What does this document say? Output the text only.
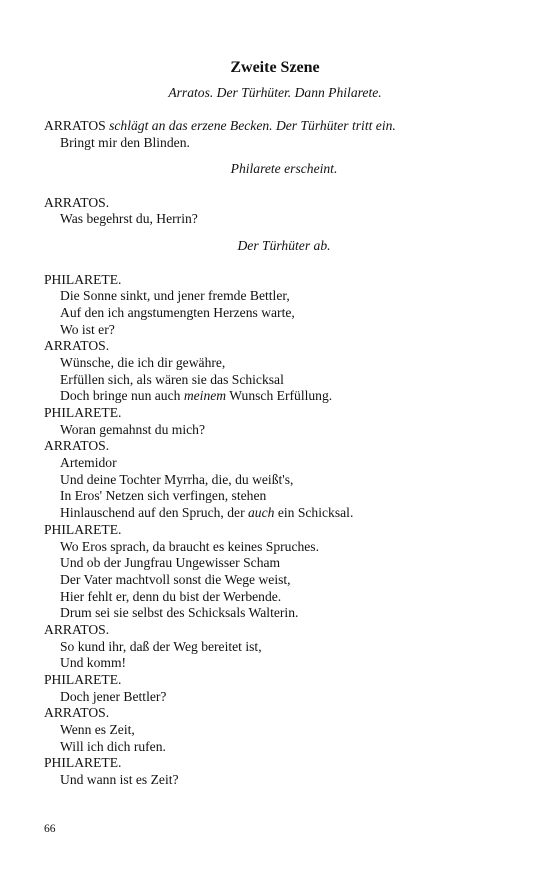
Zweite Szene
Arratos. Der Türhüter. Dann Philarete.
ARRATOS schlägt an das erzene Becken. Der Türhüter tritt ein.
Bringt mir den Blinden.
Philarete erscheint.
ARRATOS.
Was begehrst du, Herrin?
Der Türhüter ab.
PHILARETE.
Die Sonne sinkt, und jener fremde Bettler,
Auf den ich angstumengten Herzens warte,
Wo ist er?
ARRATOS.
Wünsche, die ich dir gewähre,
Erfüllen sich, als wären sie das Schicksal
Doch bringe nun auch meinem Wunsch Erfüllung.
PHILARETE.
Woran gemahnst du mich?
ARRATOS.
Artemidor
Und deine Tochter Myrrha, die, du weißt's,
In Eros' Netzen sich verfingen, stehen
Hinlauschend auf den Spruch, der auch ein Schicksal.
PHILARETE.
Wo Eros sprach, da braucht es keines Spruches.
Und ob der Jungfrau Ungewisser Scham
Der Vater machtvoll sonst die Wege weist,
Hier fehlt er, denn du bist der Werbende.
Drum sei sie selbst des Schicksals Walterin.
ARRATOS.
So kund ihr, daß der Weg bereitet ist,
Und komm!
PHILARETE.
Doch jener Bettler?
ARRATOS.
Wenn es Zeit,
Will ich dich rufen.
PHILARETE.
Und wann ist es Zeit?
66
